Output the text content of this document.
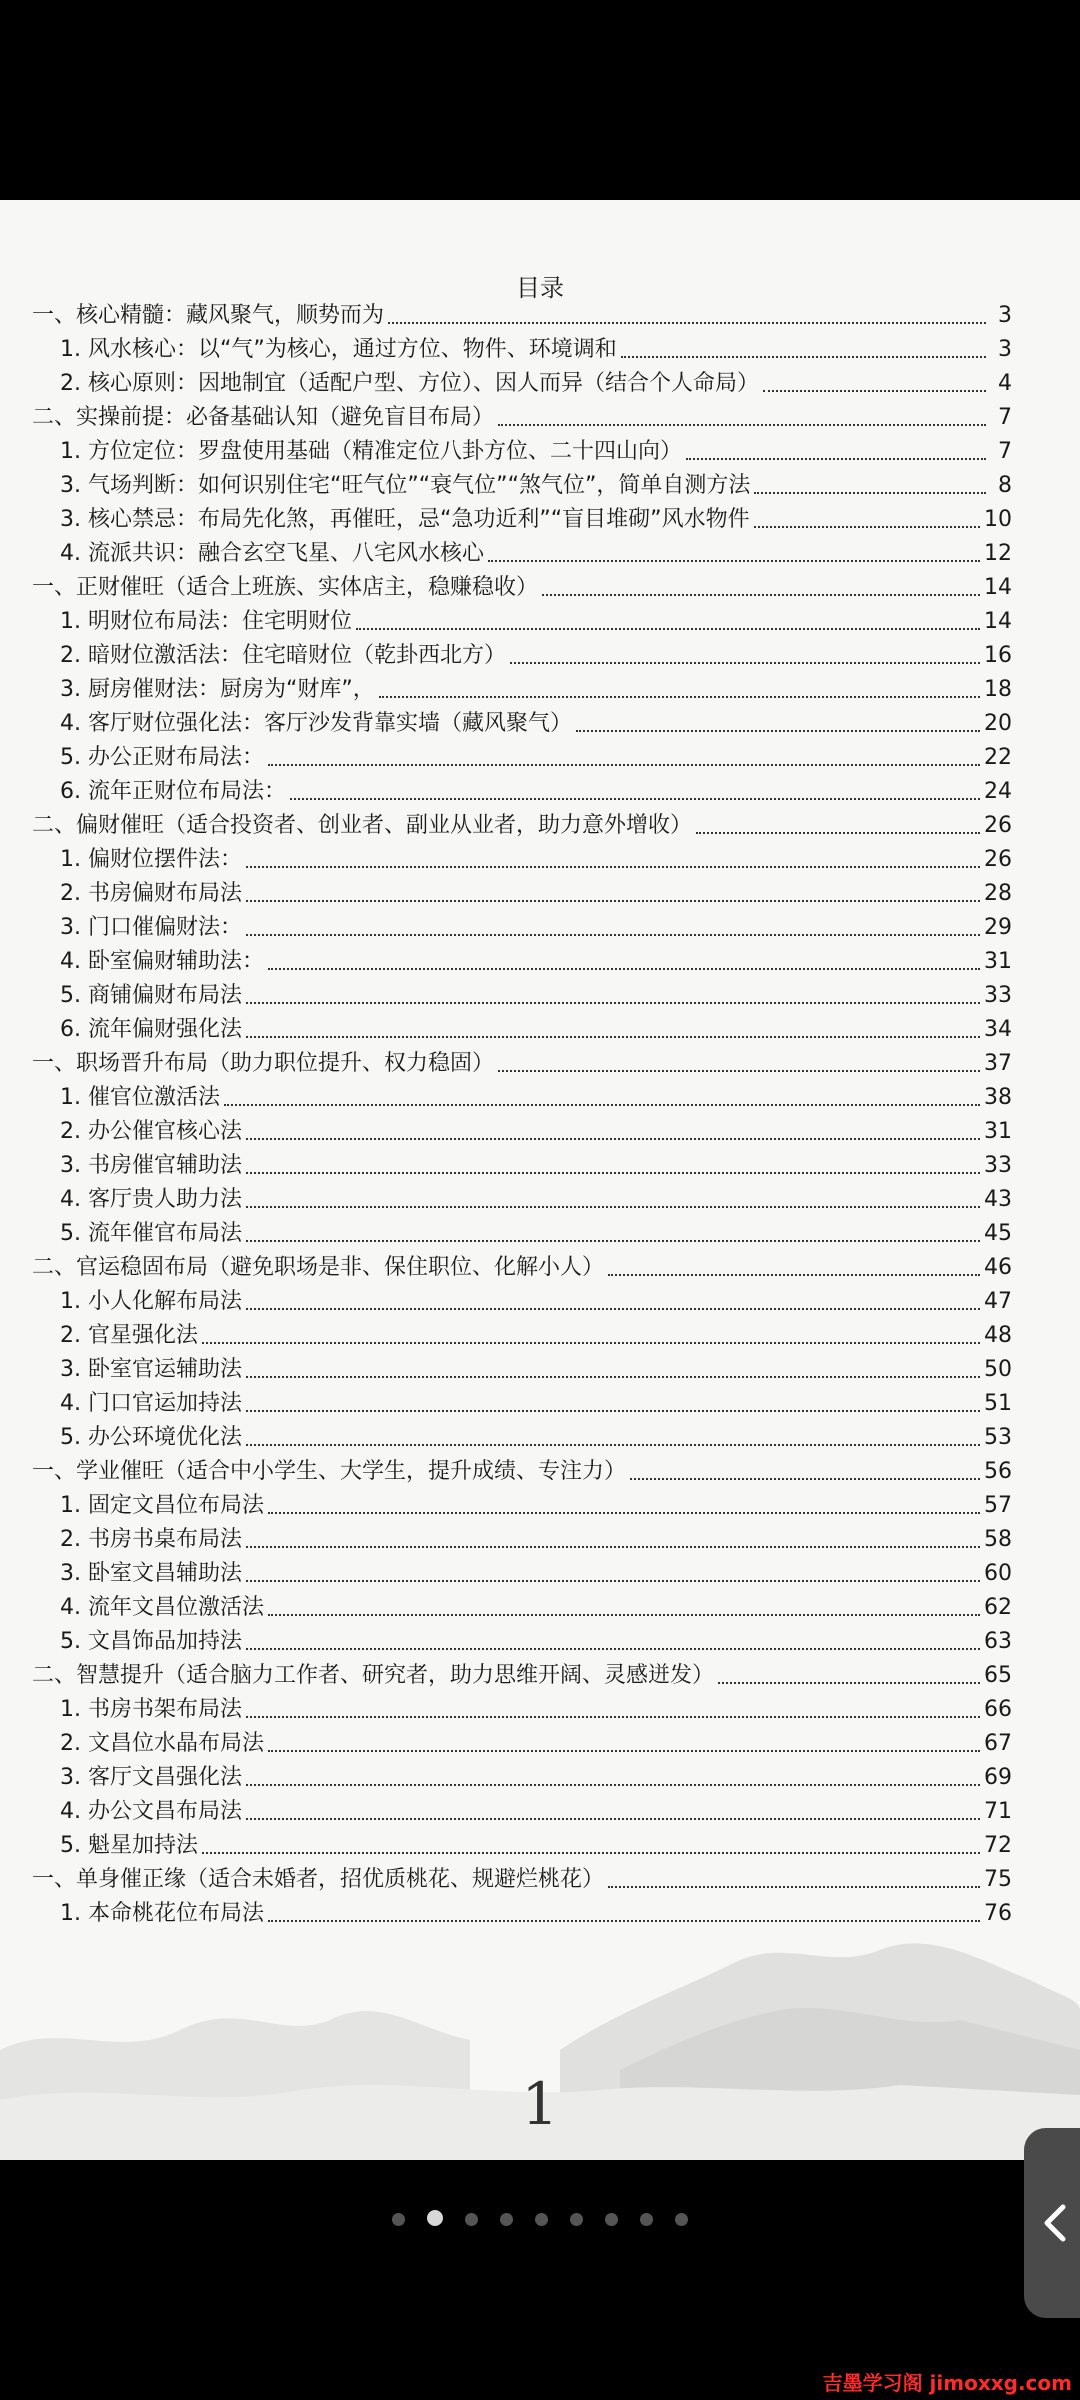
目录
一、核心精髓：藏风聚气，顺势而为	3
1. 风水核心：以“气”为核心，通过方位、物件、环境调和	3
2. 核心原则：因地制宜（适配户型、方位）、因人而异（结合个人命局）	4
二、实操前提：必备基础认知（避免盲目布局）	7
1. 方位定位：罗盘使用基础（精准定位八卦方位、二十四山向）	7
3. 气场判断：如何识别住宅“旺气位”“衰气位”“煞气位”，简单自测方法	8
3. 核心禁忌：布局先化煞，再催旺，忌“急功近利”“盲目堆砌”风水物件	10
4. 流派共识：融合玄空飞星、八宅风水核心	12
一、正财催旺（适合上班族、实体店主，稳赚稳收）	14
1. 明财位布局法：住宅明财位	14
2. 暗财位激活法：住宅暗财位（乾卦西北方）	16
3. 厨房催财法：厨房为“财库”，	18
4. 客厅财位强化法：客厅沙发背靠实墙（藏风聚气）	20
5. 办公正财布局法：	22
6. 流年正财位布局法：	24
二、偏财催旺（适合投资者、创业者、副业从业者，助力意外增收）	26
1. 偏财位摆件法：	26
2. 书房偏财布局法	28
3. 门口催偏财法：	29
4. 卧室偏财辅助法：	31
5. 商铺偏财布局法	33
6. 流年偏财强化法	34
一、职场晋升布局（助力职位提升、权力稳固）	37
1. 催官位激活法	38
2. 办公催官核心法	31
3. 书房催官辅助法	33
4. 客厅贵人助力法	43
5. 流年催官布局法	45
二、官运稳固布局（避免职场是非、保住职位、化解小人）	46
1. 小人化解布局法	47
2. 官星强化法	48
3. 卧室官运辅助法	50
4. 门口官运加持法	51
5. 办公环境优化法	53
一、学业催旺（适合中小学生、大学生，提升成绩、专注力）	56
1. 固定文昌位布局法	57
2. 书房书桌布局法	58
3. 卧室文昌辅助法	60
4. 流年文昌位激活法	62
5. 文昌饰品加持法	63
二、智慧提升（适合脑力工作者、研究者，助力思维开阔、灵感迸发）	65
1. 书房书架布局法	66
2. 文昌位水晶布局法	67
3. 客厅文昌强化法	69
4. 办公文昌布局法	71
5. 魁星加持法	72
一、单身催正缘（适合未婚者，招优质桃花、规避烂桃花）	75
1. 本命桃花位布局法	76
1
吉墨学习阁 jimoxxg.com
